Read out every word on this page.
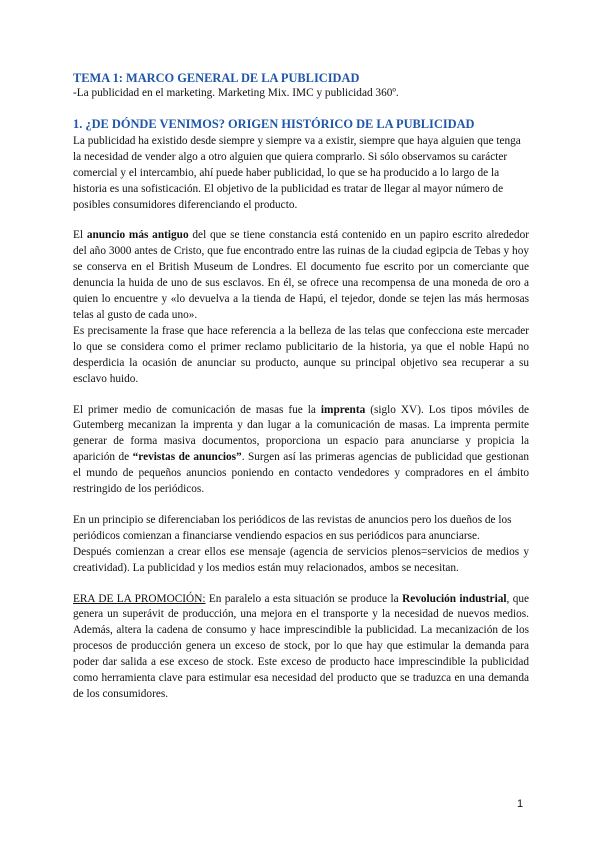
TEMA 1: MARCO GENERAL DE LA PUBLICIDAD

-La publicidad en el marketing. Marketing Mix. IMC y publicidad 360º.

1. ¿DE DÓNDE VENIMOS? ORIGEN HISTÓRICO DE LA PUBLICIDAD

La publicidad ha existido desde siempre y siempre va a existir, siempre que haya alguien que tenga la necesidad de vender algo a otro alguien que quiera comprarlo. Si sólo observamos su carácter comercial y el intercambio, ahí puede haber publicidad, lo que se ha producido a lo largo de la historia es una sofisticación. El objetivo de la publicidad es tratar de llegar al mayor número de posibles consumidores diferenciando el producto.

El anuncio más antiguo del que se tiene constancia está contenido en un papiro escrito alrededor del año 3000 antes de Cristo, que fue encontrado entre las ruinas de la ciudad egipcia de Tebas y hoy se conserva en el British Museum de Londres. El documento fue escrito por un comerciante que denuncia la huida de uno de sus esclavos. En él, se ofrece una recompensa de una moneda de oro a quien lo encuentre y «lo devuelva a la tienda de Hapú, el tejedor, donde se tejen las más hermosas telas al gusto de cada uno».

Es precisamente la frase que hace referencia a la belleza de las telas que confecciona este mercader lo que se considera como el primer reclamo publicitario de la historia, ya que el noble Hapú no desperdicia la ocasión de anunciar su producto, aunque su principal objetivo sea recuperar a su esclavo huido.

El primer medio de comunicación de masas fue la imprenta (siglo XV). Los tipos móviles de Gutemberg mecanizan la imprenta y dan lugar a la comunicación de masas. La imprenta permite generar de forma masiva documentos, proporciona un espacio para anunciarse y propicia la aparición de “revistas de anuncios”. Surgen así las primeras agencias de publicidad que gestionan el mundo de pequeños anuncios poniendo en contacto vendedores y compradores en el ámbito restringido de los periódicos.

En un principio se diferenciaban los periódicos de las revistas de anuncios pero los dueños de los periódicos comienzan a financiarse vendiendo espacios en sus periódicos para anunciarse.

Después comienzan a crear ellos ese mensaje (agencia de servicios plenos=servicios de medios y creatividad). La publicidad y los medios están muy relacionados, ambos se necesitan.

ERA DE LA PROMOCIÓN: En paralelo a esta situación se produce la Revolución industrial, que genera un superávit de producción, una mejora en el transporte y la necesidad de nuevos medios. Además, altera la cadena de consumo y hace imprescindible la publicidad. La mecanización de los procesos de producción genera un exceso de stock, por lo que hay que estimular la demanda para poder dar salida a ese exceso de stock. Este exceso de producto hace imprescindible la publicidad como herramienta clave para estimular esa necesidad del producto que se traduzca en una demanda de los consumidores.

1
